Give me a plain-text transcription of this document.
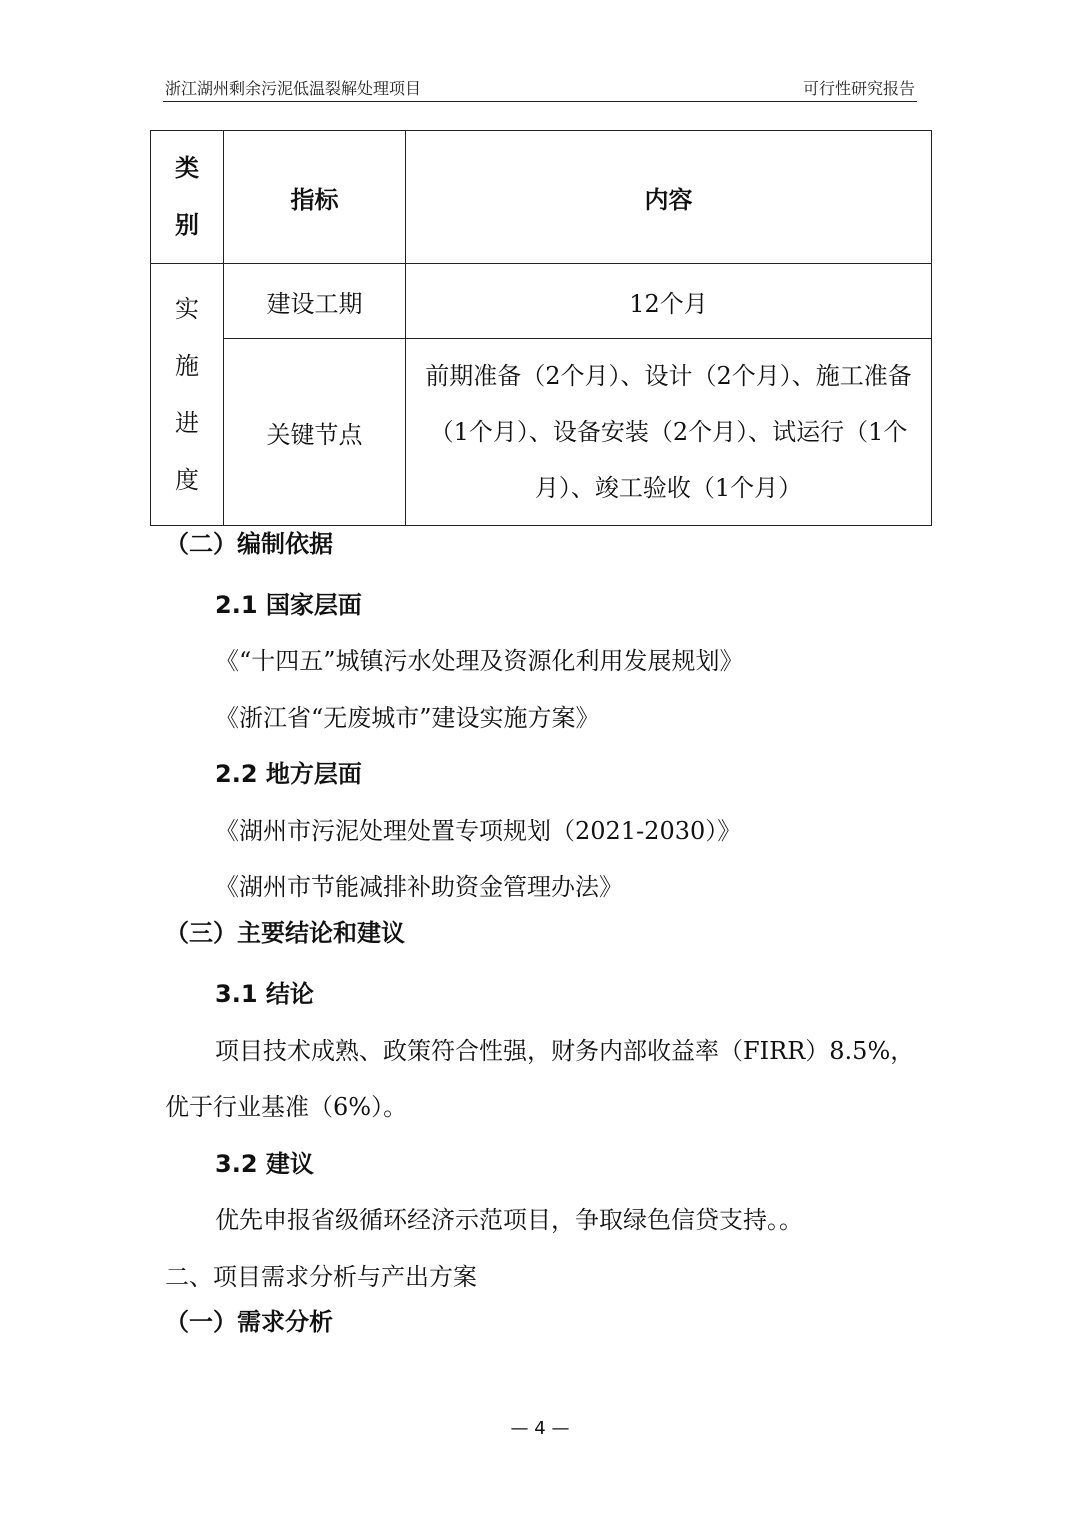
浙江湖州剩余污泥低温裂解处理项目	可行性研究报告
类别	指标	内容
实施进度	建设工期	12个月
	关键节点	前期准备（2个月）、设计（2个月）、施工准备（1个月）、设备安装（2个月）、试运行（1个月）、竣工验收（1个月）
（二）编制依据
2.1 国家层面
《“十四五”城镇污水处理及资源化利用发展规划》
《浙江省“无废城市”建设实施方案》
2.2 地方层面
《湖州市污泥处理处置专项规划（2021-2030）》
《湖州市节能减排补助资金管理办法》
（三）主要结论和建议
3.1 结论
项目技术成熟、政策符合性强，财务内部收益率（FIRR）8.5%，
优于行业基准（6%）。
3.2 建议
优先申报省级循环经济示范项目，争取绿色信贷支持。。
二、项目需求分析与产出方案
（一）需求分析
— 4 —
